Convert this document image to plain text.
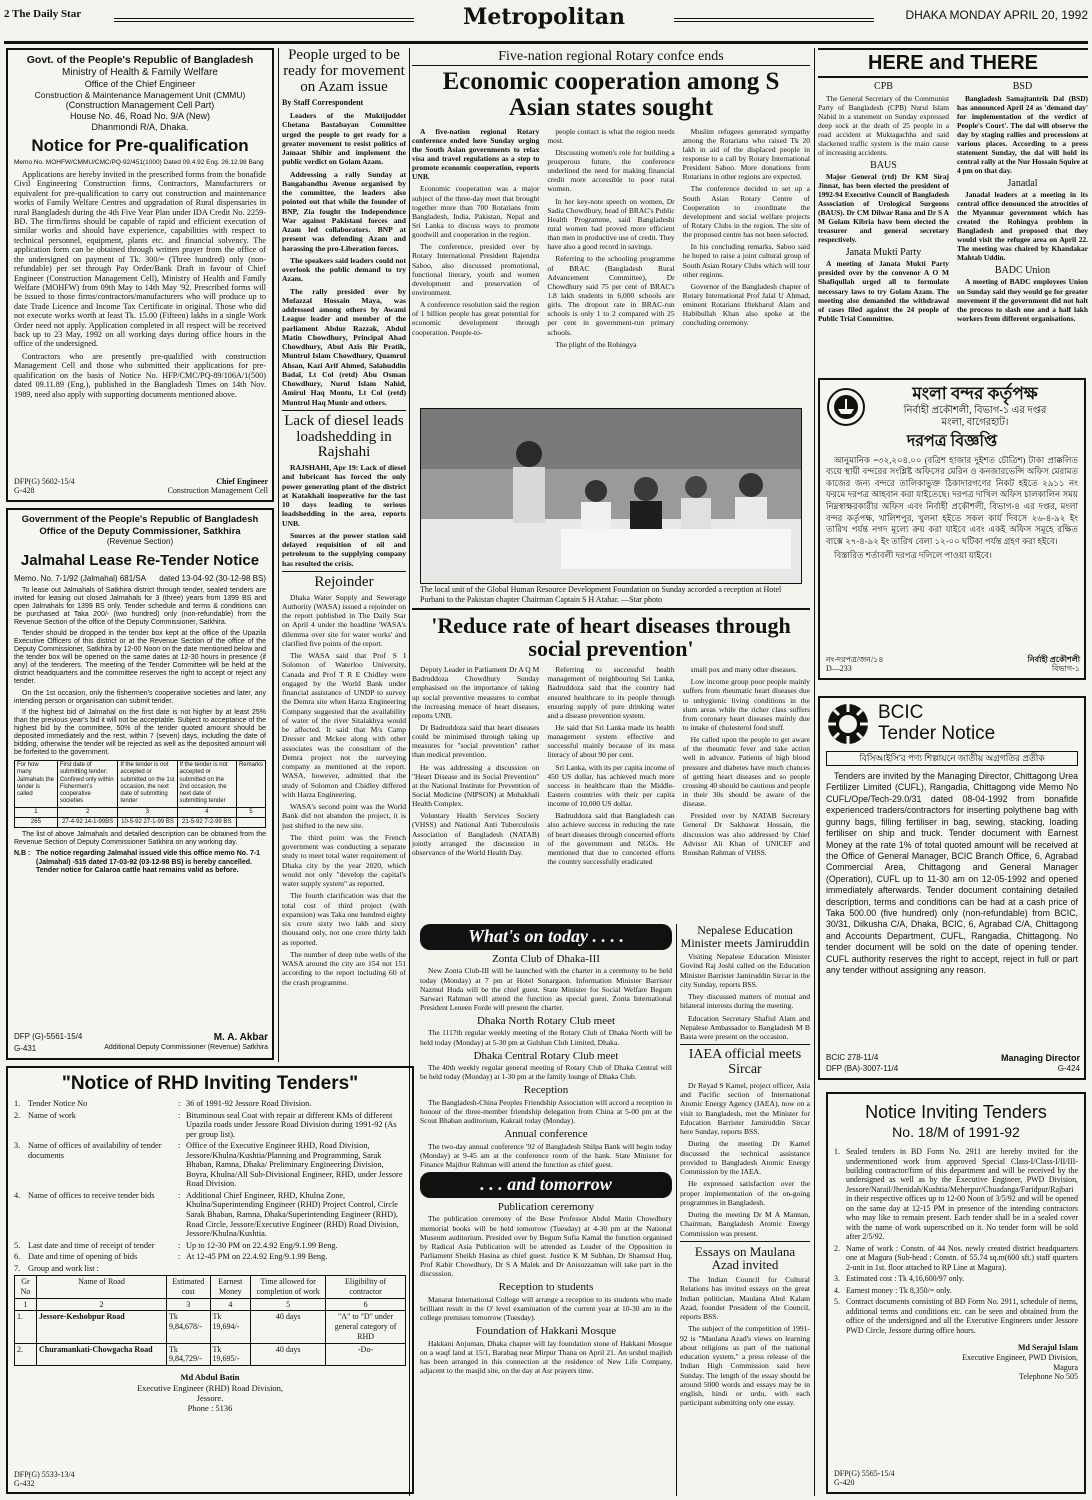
2 The Daily Star	Metropolitan	DHAKA MONDAY APRIL 20, 1992
Govt. of the People's Republic of Bangladesh
Ministry of Health & Family Welfare
Office of the Chief Engineer
Construction & Maintenance Management Unit (CMMU)
(Construction Management Cell Part)
House No. 46, Road No. 9/A (New)
Dhanmondi R/A, Dhaka.
Notice for Pre-qualification
Memo No. MOHFW/CMMU/CMC/PQ-92/451(1000) Dated 09.4.92 Eng. 26.12.98 Bang
Applications are hereby invited in the prescribed forms from the bonafide Civil Engineering Construction firms, Contractors, Manufacturers or equivalent for pre-qualification to carry out construction and maintenance works of Family Welfare Centres and upgradation of Rural dispensaries in rural Bangladesh during the 4th Five Year Plan under IDA Credit No. 2259-BD. The firm/firms should be capable of rapid and efficient execution of similar works and should have experience, capabilities with respect to technical personnel, equipment, plants etc. and financial solvency. The application form can be obtained through written prayer from the office of the undersigned on payment of Tk. 300/= (Three hundred) only (non-refundable) per set through Pay Order/Bank Draft in favour of Chief Engineer (Construction Management Cell), Ministry of Health and Family Welfare (MOHFW) from 09th May to 14th May '92. Prescribed forms will be issued to those firms/contractors/manufacturers who will produce up to date Trade Licence and Income Tax Certificate in original. Those who did not execute works worth at least Tk. 15.00 (Fifteen) lakhs in a single Work Order need not apply. Application completed in all respect will be received back up to 23 May, 1992 on all working days during office hours in the office of the undersigned.
Contractors who are presently pre-qualified with construction Management Cell and those who submitted their applications for pre-qualification on the basis of Notice No. HFP/CMC/PQ-89/106A/1(500) dated 09.11.89 (Eng.), published in the Bangladesh Times on 14th Nov. 1989, need also apply with supporting documents mentioned above.
DFP(G) 5602-15/4	Chief Engineer
G-428	Construction Management Cell
Government of the People's Republic of Bangladesh
Office of the Deputy Commissioner, Satkhira
(Revenue Section)
Jalmahal Lease Re-Tender Notice
Memo. No. 7-1/92 (Jalmahal) 681/SA dated 13-04-92 (30-12-98 BS)
To lease out Jalmahals of Satkhira district through tender, sealed tenders are invited for leasing out closed Jalmahals for 3 (three) years from 1399 BS and open Jalmahals for 1399 BS only. Tender schedule and terms & conditions can be purchased at Taka 200/- (two hundred) only (non-refundable) from the Revenue Section of the office of the Deputy Commissioner, Satkhira.
Tender should be dropped in the tender box kept at the office of the Upazila Executive Officers of this district or at the Revenue Section of the office of the Deputy Commissioner, Satkhira by 12-00 Noon on the date mentioned below and the tender box will be opened on the same dates at 12-30 hours in presence (if any) of the tenderers. The meeting of the Tender Committee will be held at the district headquarters and the committee reserves the right to accept or reject any tender.
On the 1st occasion, only the fishermen's cooperative societies and later, any intending person or organisation can submit tender.
If the highest bid of Jalmahal on the first date is not higher by at least 25% than the previous year's bid it will not be acceptable. Subject to acceptance of the highest bid by the committee, 50% of the tender quoted amount should be deposited immediately and the rest, within 7 (seven) days, including the date of bidding, otherwise the tender will be rejected as well as the deposited amount will be forfeited to the government.
For how many Jalmahals the tender is called	First date of submitting tender: Confined only within Fishermen's cooperative societies	If the tender is not accepted or submitted on the 1st occasion, the next date of submitting tender	If the tender is not accepted or submitted on the 2nd occasion, the next date of submitting tender	Remarks
1	2	3	4	5
265	27-4-92 14-1-99BS	10-5-92 27-1-99 BS	21-5-92 7-2-99 BS	
The list of above Jalmahals and detailed description can be obtained from the Revenue Section of Deputy Commissioner Satkhira on any working day.
N.B : The notice regarding Jalmahal issued vide this office memo No. 7-1 (Jalmahal) -515 dated 17-03-92 (03-12-98 BS) is hereby cancelled. Tender notice for Calaroa cattle haat remains valid as before.
DFP (G)-5561-15/4	M. A. Akbar
G-431	Additional Deputy Commissioner (Revenue) Satkhira
"Notice of RHD Inviting Tenders"
1. Tender Notice No	: 36 of 1991-92 Jessore Road Division.
2. Name of work	: Bituminous seal Coat with repair at different KMs of different Upazila roads under Jessore Road Division during 1991-92 (As per group list).
3. Name of offices of availability of tender documents
: Office of the Executive Engineer RHD, Road Division, Jessore/Khulna/Kushtia/Planning and Programming, Sarak Bhaban, Ramna, Dhaka/ Preliminary Engineering Division, Boyra, Khulna/All Sub-Divisional Engineer, RHD, under Jessore Road Division.
4. Name of offices to receive tender bids	: Additional Chief Engineer, RHD, Khulna Zone, Khulna/Superintending Engineer (RHD) Project Control, Circle Sarak Bhaban, Ramna, Dhaka/Superintending Engineer (RHD), Road Circle, Jessore/Executive Engineer (RHD) Road Division, Jessore/Khulna/Kushtia.
5. Last date and time of receipt of tender	: Up to 12-30 PM on 22.4.92 Eng/9.1.99 Beng.
6. Date and time of opening of bids	: At 12-45 PM on 22.4.92 Eng/9.1.99 Beng.
7. Group and work list :
Gr No	Name of Road	Estimated cost	Earnest Money	Time allowed for completion of work	Eligibility of contractor
1	2	3	4	5	6
1.	Jessore-Keshobpur Road	Tk 9,84,678/-	Tk 19,694/-	40 days	"A" to "D" under general category of RHD
2.	Churamankati-Chowgacha Road	Tk 9,84,729/-	Tk 19,695/-	40 days	-Do-
Md Abdul Batin
Executive Engineer (RHD) Road Division, Jessore.
Phone : 5136
DFP(G) 5533-13/4
G-432
People urged to be ready for movement on Azam issue
By Staff Correspondent
Leaders of the Muktijuddet Chetana Bastabayan Committee urged the people to get ready for a greater movement to resist politics of Jamaat Shibir and implement the public verdict on Golam Azam.
Addressing a rally Sunday at Bangabandhu Avenue organised by the committee, the leaders also pointed out that while the founder of BNP, Zia fought the Independence War against Pakistani forces and Azam led collaborators. BNP at present was defending Azam and harassing the pro-Liberation forces.
The speakers said leaders could not overlook the public demand to try Azam.
The rally presided over by Mofazzal Hossain Maya, was addressed among others by Awami League leader and member of the parliament Abdur Razzak, Abdul Matin Chowdhury, Principal Ahad Chowdhury, Abul Azis Bir Pratik, Muntrul Islam Chowdhury, Quamrul Ahsan, Kazi Arif Ahmed, Salahuddin Badal, Lt Col (retd) Abu Osman Chowdhury, Nurul Islam Nahid, Amirul Haq Montu, Lt Col (retd) Muntrul Haq Munir and others.
Lack of diesel leads loadshedding in Rajshahi
RAJSHAHI, Apr 19: Lack of diesel and lubricant has forced the only power generating plant of the district at Katakhali inoperative for the last 10 days leading to serious loadshedding in the area, reports UNB.
Sources at the power station said delayed requisition of oil and petroleum to the supplying company has resulted the crisis.
Rejoinder
Dhaka Water Supply and Sewerage Authority (WASA) issued a rejoinder on the report published in The Daily Star on April 4 under the headline 'WASA's dilemma over site for water works' and clarified five points of the report.
The WASA said that Prof S I Solomon of Waterloo University, Canada and Prof T R E Chidley were engaged by the World Bank under financial assistance of UNDP to survey the Demra site when Harza Engineering Company suggested that the availability of water of the river Sitalakhya would be affected. It said that M/s Camp Dresser and Mckee along with other associates was the consultant of the Demra project not the surveying company as mentioned at the report. WASA, however, admitted that the study of Solomon and Chidley differed with Harza Engineering.
WASA's second point was the World Bank did not abandon the project, it is just shifted to the new site.
The third point was the French government was conducting a separate study to meet total water requirement of Dhaka city by the year 2020, which would not only "develop the capital's water supply system" as reported.
The fourth clarification was that the total cost of third project (with expansion) was Taka one hundred eighty six crore sixty two lakh and sixty thousand only, not one crore thirty lakh as reported.
The number of deep tube wells of the WASA around the city are 154 not 151 according to the report including 60 of the crash programme.
Five-nation regional Rotary confce ends
Economic cooperation among S Asian states sought
A five-nation regional Rotary conference ended here Sunday urging the South Asian governments to relax visa and travel regulations as a step to promote economic cooperation, reports UNB.
Economic cooperation was a major subject of the three-day meet that brought together more than 700 Rotarians from Bangladesh, India, Pakistan, Nepal and Sri Lanka to discuss ways to promote goodwill and cooperation in the region.
The conference, presided over by Rotary International President Rajendra Saboo, also discussed promotional, functional literary, youth and women development and preservation of environment.
A conference resolution said the region of 1 billion people has great potential for economic development through cooperation. People-to-
people contact is what the region needs most.
Discussing women's role for building a prosperous future, the conference underlined the need for making financial credit more accessible to poor rural women.
In her key-note speech on women, Dr Sadia Chowdhury, head of BRAC's Public Health Programme, said Bangladeshi rural women had proved more efficient than men in productive use of credit. They have also a good record in savings.
Referring to the schooling programme of BRAC (Bangladesh Rural Advancement Committee), Dr Chowdhury said 75 per cent of BRAC's 1.8 lakh students in 6,000 schools are girls. The dropout rate in BRAC-run schools is only 1 to 2 compared with 25 per cent in government-run primary schools.
The plight of the Rohingya
Muslim refugees generated sympathy among the Rotarians who raised Tk 20 lakh in aid of the displaced people in response to a call by Rotary International President Saboo. More donations from Rotarians in other regions are expected.
The conference decided to set up a South Asian Rotary Centre of Cooperation to coordinate the development and social welfare projects of Rotary Clubs in the region. The site of the proposed centre has not been selected.
In his concluding remarks, Saboo said he hoped to raise a joint cultural group of South Asian Rotary Clubs which will tour other regions.
Governor of the Bangladesh chapter of Rotary International Prof Jalal U Ahmad, eminent Rotarians Iftekharul Alam and Habibullah Khan also spoke at the concluding ceremony.
The local unit of the Global Human Resource Development Foundation on Sunday accorded a reception at Hotel Purbani to the Pakistan chapter Chairman Captain S H Atahar. —Star photo
'Reduce rate of heart diseases through social prevention'
Deputy Leader in Parliament Dr A Q M Badruddoza Chowdhury Sunday emphasised on the importance of taking up social preventive measures to combat the increasing menace of heart diseases, reports UNB.
Dr Badruddoza said that heart diseases could be minimised through taking up measures for "social prevention" rather than medical prevention.
He was addressing a discussion on "Heart Disease and its Social Prevention" at the National Institute for Prevention of Social Medicine (NIPSON) at Mohakhali Health Complex.
Voluntary Health Services Society (VHSS) and National Anti Tuberculosis Association of Bangladesh (NATAB) jointly arranged the discussion in observance of the World Health Day.
Referring to successful health management of neighbouring Sri Lanka, Badruddoza said that the country had ensured healthcare to its people through ensuring supply of pure drinking water and a disease prevention system.
He said that Sri Lanka made its health management system effective and successful mainly because of its mass literacy of about 90 per cent.
Sri Lanka, with its per capita income of 450 US dollar, has achieved much more success in healthcare than the Middle-Eastern countries with their per capita income of 10,000 US dollar.
Badruddoza said that Bangladesh can also achieve success in reducing the rate of heart diseases through concerted efforts of the government and NGOs. He mentioned that due to concerted efforts the country successfully eradicated
small pox and many other diseases.
Low income group poor people mainly suffers from rheumatic heart diseases due to unhygienic living conditions in the slum areas while the richer class suffers from coronary heart diseases mainly due to intake of cholesterol food stuff.
He called upon the people to get aware of the rheumatic fever and take action well in advance. Patients of high blood pressure and diabetes have much chances of getting heart diseases and so people crossing 40 should be cautious and people in their 30s should be aware of the disease.
Presided over by NATAB Secretary General Dr Sakhawat Hossain, the discussion was also addressed by Chief Advisor Ali Khan of UNICEF and Roushan Rahman of VHSS.
What's on today . . . .
Zonta Club of Dhaka-III
New Zonta Club-III will be launched with the charter in a ceremony to be held today (Monday) at 7 pm at Hotel Sonargaon. Information Minister Barrister Nazmul Huda will be the chief guest. State Minister for Social Welfare Begum Sarwari Rahman will attend the function as special guest. Zonta International President Leneen Forde will present the charter.
Dhaka North Rotary Club meet
The 1117th regular weekly meeting of the Rotary Club of Dhaka North will be held today (Monday) at 5-30 pm at Gulshan Club Limited, Dhaka.
Dhaka Central Rotary Club meet
The 40th weekly regular general meeting of Rotary Club of Dhaka Central will be held today (Monday) at 1-30 pm at the family lounge of Dhaka Club.
Reception
The Bangladesh-China Peoples Friendship Association will accord a reception in honour of the three-member friendship delegation from China at 5-00 pm at the Scout Bhaban auditorium, Kakrail today (Monday).
Annual conference
The two-day annual conference '92 of Bangladesh Shilpa Bank will begin today (Monday) at 9-45 am at the conference room of the bank. State Minister for Finance Majibur Rahman will attend the function as chief guest.
. . . and tomorrow
Publication ceremony
The publication ceremony of the Bose Professor Abdul Matin Chowdhury memorial books will be held tomorrow (Tuesday) at 4-30 pm at the National Museum auditorium. Presided over by Begum Sufia Kamal the function organised by Radical Asia Publication will be attended as Leader of the Opposition in Parliament Sheikh Hasina as chief guest. Justice K M Subhan, Dr Shamsul Huq, Prof Kabir Chowdhury, Dr S A Malek and Dr Anisuzzaman will take part in the discussion.
Reception to students
Manarat International College will arrange a reception to its students who made brilliant result in the O' level examination of the current year at 10-30 am in the college premises tomorrow (Tuesday).
Foundation of Hakkani Mosque
Hakkani Anjuman, Dhaka chapter will lay foundation stone of Hakkani Mosque on a waqf land at 15/1, Barabag near Mirpur Thana on April 21. An urshul majlish has been arranged in this connection at the residence of New Life Company, adjacent to the masjid site, on the day at Asr prayers time.
Nepalese Education Minister meets Jamiruddin
Visiting Nepalese Education Minister Govind Raj Joshi called on the Education Minister Barrister Jamiruddin Sircar in the city Sunday, reports BSS.
They discussed matters of mutual and bilateral interests during the meeting.
Education Secretary Shafiul Alam and Nepalese Ambassador to Bangladesh M B Basta were present on the occasion.
IAEA official meets Sircar
Dr Reyad S Kamel, project officer, Asia and Pacific section of International Atomic Energy Agency (IAEA), now on a visit to Bangladesh, met the Minister for Education Barrister Jamiruddin Sircar here Sunday, reports BSS.
During the meeting Dr Kamel discussed the technical assistance provided to Bangladesh Atomic Energy Commission by the IAEA.
He expressed satisfaction over the proper implementation of the on-going programmes in Bangladesh.
During the meeting Dr M A Mannan, Chairman, Bangladesh Atomic Energy Commission was present.
Essays on Maulana Azad invited
The Indian Council for Cultural Relations has invited essays on the great Indian politician, Maulana Abul Kalam Azad, founder President of the Council, reports BSS.
The subject of the competition of 1991-92 is "Maulana Azad's views on learning about religions as part of the national education system," a press release of the Indian High Commission said here Sunday. The length of the essay should be around 5000 words and essays may be in english, hindi or urdu, with each participant submitting only one essay.
HERE and THERE
CPB
The General Secretary of the Communist Party of Bangladesh (CPB) Nurul Islam Nahid in a statement on Sunday expressed deep sock at the death of 25 people in a road accident at Muktagachha and said slackened traffic system is the main cause of increasing accidents.
BAUS
Major General (rtd) Dr KM Siraj Jinnat, has been elected the president of 1992-94 Executive Council of Bangladesh Association of Urological Surgeons (BAUS). Dr CM Dilwar Rana and Dr S A M Golam Kibria have been elected the treasurer and general secretary respectively.
Janata Mukti Party
A meeting of Janata Mukti Party presided over by the convenor A O M Shafiqullah urged all to formulate necessary laws to try Golam Azam. The meeting also demanded the withdrawal of cases filed against the 24 people of Public Trial Committee.
BSD
Bangladesh Samajtantrik Dal (BSD) has announced April 24 as 'demand day' for implementation of the verdict of People's Court'. The dal will observe the day by staging rallies and processions at various places. According to a press statement Sunday, the dal will hold its central rally at the Nur Hossain Squire at 4 pm on that day.
Janadal
Janadal leaders at a meeting in its central office denounced the atrocities of the Myanmar government which has created the Rohingya problem in Bangladesh and proposed that they would visit the refugee area on April 22. The meeting was chaired by Khandakar Mahtab Uddin.
BADC Union
A meeting of BADC employees Union on Sunday said they would go for greater movement if the government did not halt the process to slash one and a half lakh workers from different organisations.
মংলা বন্দর কর্তৃপক্ষ
নির্বাহী প্রকৌশলী, বিভাগ-১ এর দপ্তর
মংলা, বাগেরহাট।
দরপত্র বিজ্ঞপ্তি
আনুমানিক =৩২,২০৪.০০ (বত্রিশ হাজার দুইশত চৌত্রিশ) টাকা প্রাক্কলিত ব্যয়ে স্থায়ী বন্দরের সংশ্লিষ্ট অফিসের মেরিন ও কনজারভেন্সি অফিস মেরামত কাজের জন্য বন্দরে তালিকাভুক্ত ঠিকাদারগণের নিকট হইতে ২৯১১ নং ফরমে দরপত্র আহবান করা যাইতেছে। দরপত্র দাখিল অফিস চালকালিন সময় নিম্নস্বাক্ষরকারীর অফিস এবং নির্বাহী প্রকৌশলী, বিভাগ-৪ এর দপ্তর, মংলা বন্দর কর্তৃপক্ষ, খালিশপুর, খুলনা হইতে সকল কার্য দিবসে ২৬-৪-৯২ ইং তারিখ পর্যন্ত নগদ মূল্যে ক্রয় করা যাইবে এবং একই অফিস সমূহে রক্ষিত বাক্সে ২৭-৪-৯২ ইং তারিখ বেলা ১২-০০ ঘটিকা পর্যন্ত গ্রহণ করা হইবে।
বিস্তারিত শর্তাবলী দরপত্র দলিলে পাওয়া যাইবে।
নং-দরপত্র/জন/১৪	নির্বাহী প্রকৌশলী
D—233	বিভাগ-১
BCIC
Tender Notice
বিসিআইসি'র পণ্য শিল্পায়নে জাতীয় অগ্রগতির প্রতীক
Tenders are invited by the Managing Director, Chittagong Urea Fertilizer Limited (CUFL), Rangadia, Chittagong vide Memo No CUFL/Ope/Tech-29.0/31 dated 08-04-1992 from bonafide experienced traders/contractors for inserting polythene bag with gunny bags, filling fertiliser in bag, sewing, stacking, loading fertiliser on ship and truck. Tender document with Earnest Money at the rate 1% of total quoted amount will be received at the Office of General Manager, BCIC Branch Office, 6, Agrabad Commercial Area, Chittagong and General Manager (Operation), CUFL up to 11-30 am on 12-05-1992 and opened immediately afterwards. Tender document containing detailed description, terms and conditions can be had at a cash price of Taka 500.00 (five hundred) only (non-refundable) from BCIC, 30/31, Dilkusha C/A, Dhaka, BCIC, 6, Agrabad C/A, Chittagong and Accounts Department, CUFL, Rangadia, Chittagong. No tender document will be sold on the date of opening tender. CUFL authority reserves the right to accept, reject in full or part any tender without assigning any reason.
BCIC 278-11/4	Managing Director
DFP (BA)-3007-11/4	G-424
Notice Inviting Tenders
No. 18/M of 1991-92
1. Sealed tenders in BD Form No. 2911 are hereby invited for the undermentioned work from approved Special Class-I/Class-I/II/III-building contractor/firm of this department and will be received by the undersigned as well as by the Executive Engineer, PWD Division, Jessore/Narail/Jhenidah/Kushtia/Meherpur/Chuadanga/Faridpur/Rajbari in their respective offices up to 12-00 Noon of 3/5/92 and will be opened on the same day at 12-15 PM in presence of the intending contractors who may like to remain present. Each tender shall be in a sealed cover with the name of work superscribed on it. No tender form will be sold after 2/5/92.
2. Name of work : Constn. of 44 Nos. newly created district headquarters one at Magura (Sub-head : Constn. of 55.74 sq.m(600 sft.) staff quarters 2-unit in 1st. floor attached to RP Line at Magura).
3. Estimated cost : Tk 4,16,600/97 only.
4. Earnest money : Tk 8,350/= only.
5. Contract documents consisting of BD Form No. 2911, schedule of items, additional terms and conditions etc. can be seen and obtained from the office of the undersigned and all the Executive Engineers under Jessore PWD Circle, Jessore during office hours.
Md Serajul Islam
Executive Engineer, PWD Division, Magura
Telephone No 505
DFP(G) 5565-15/4
G-420
